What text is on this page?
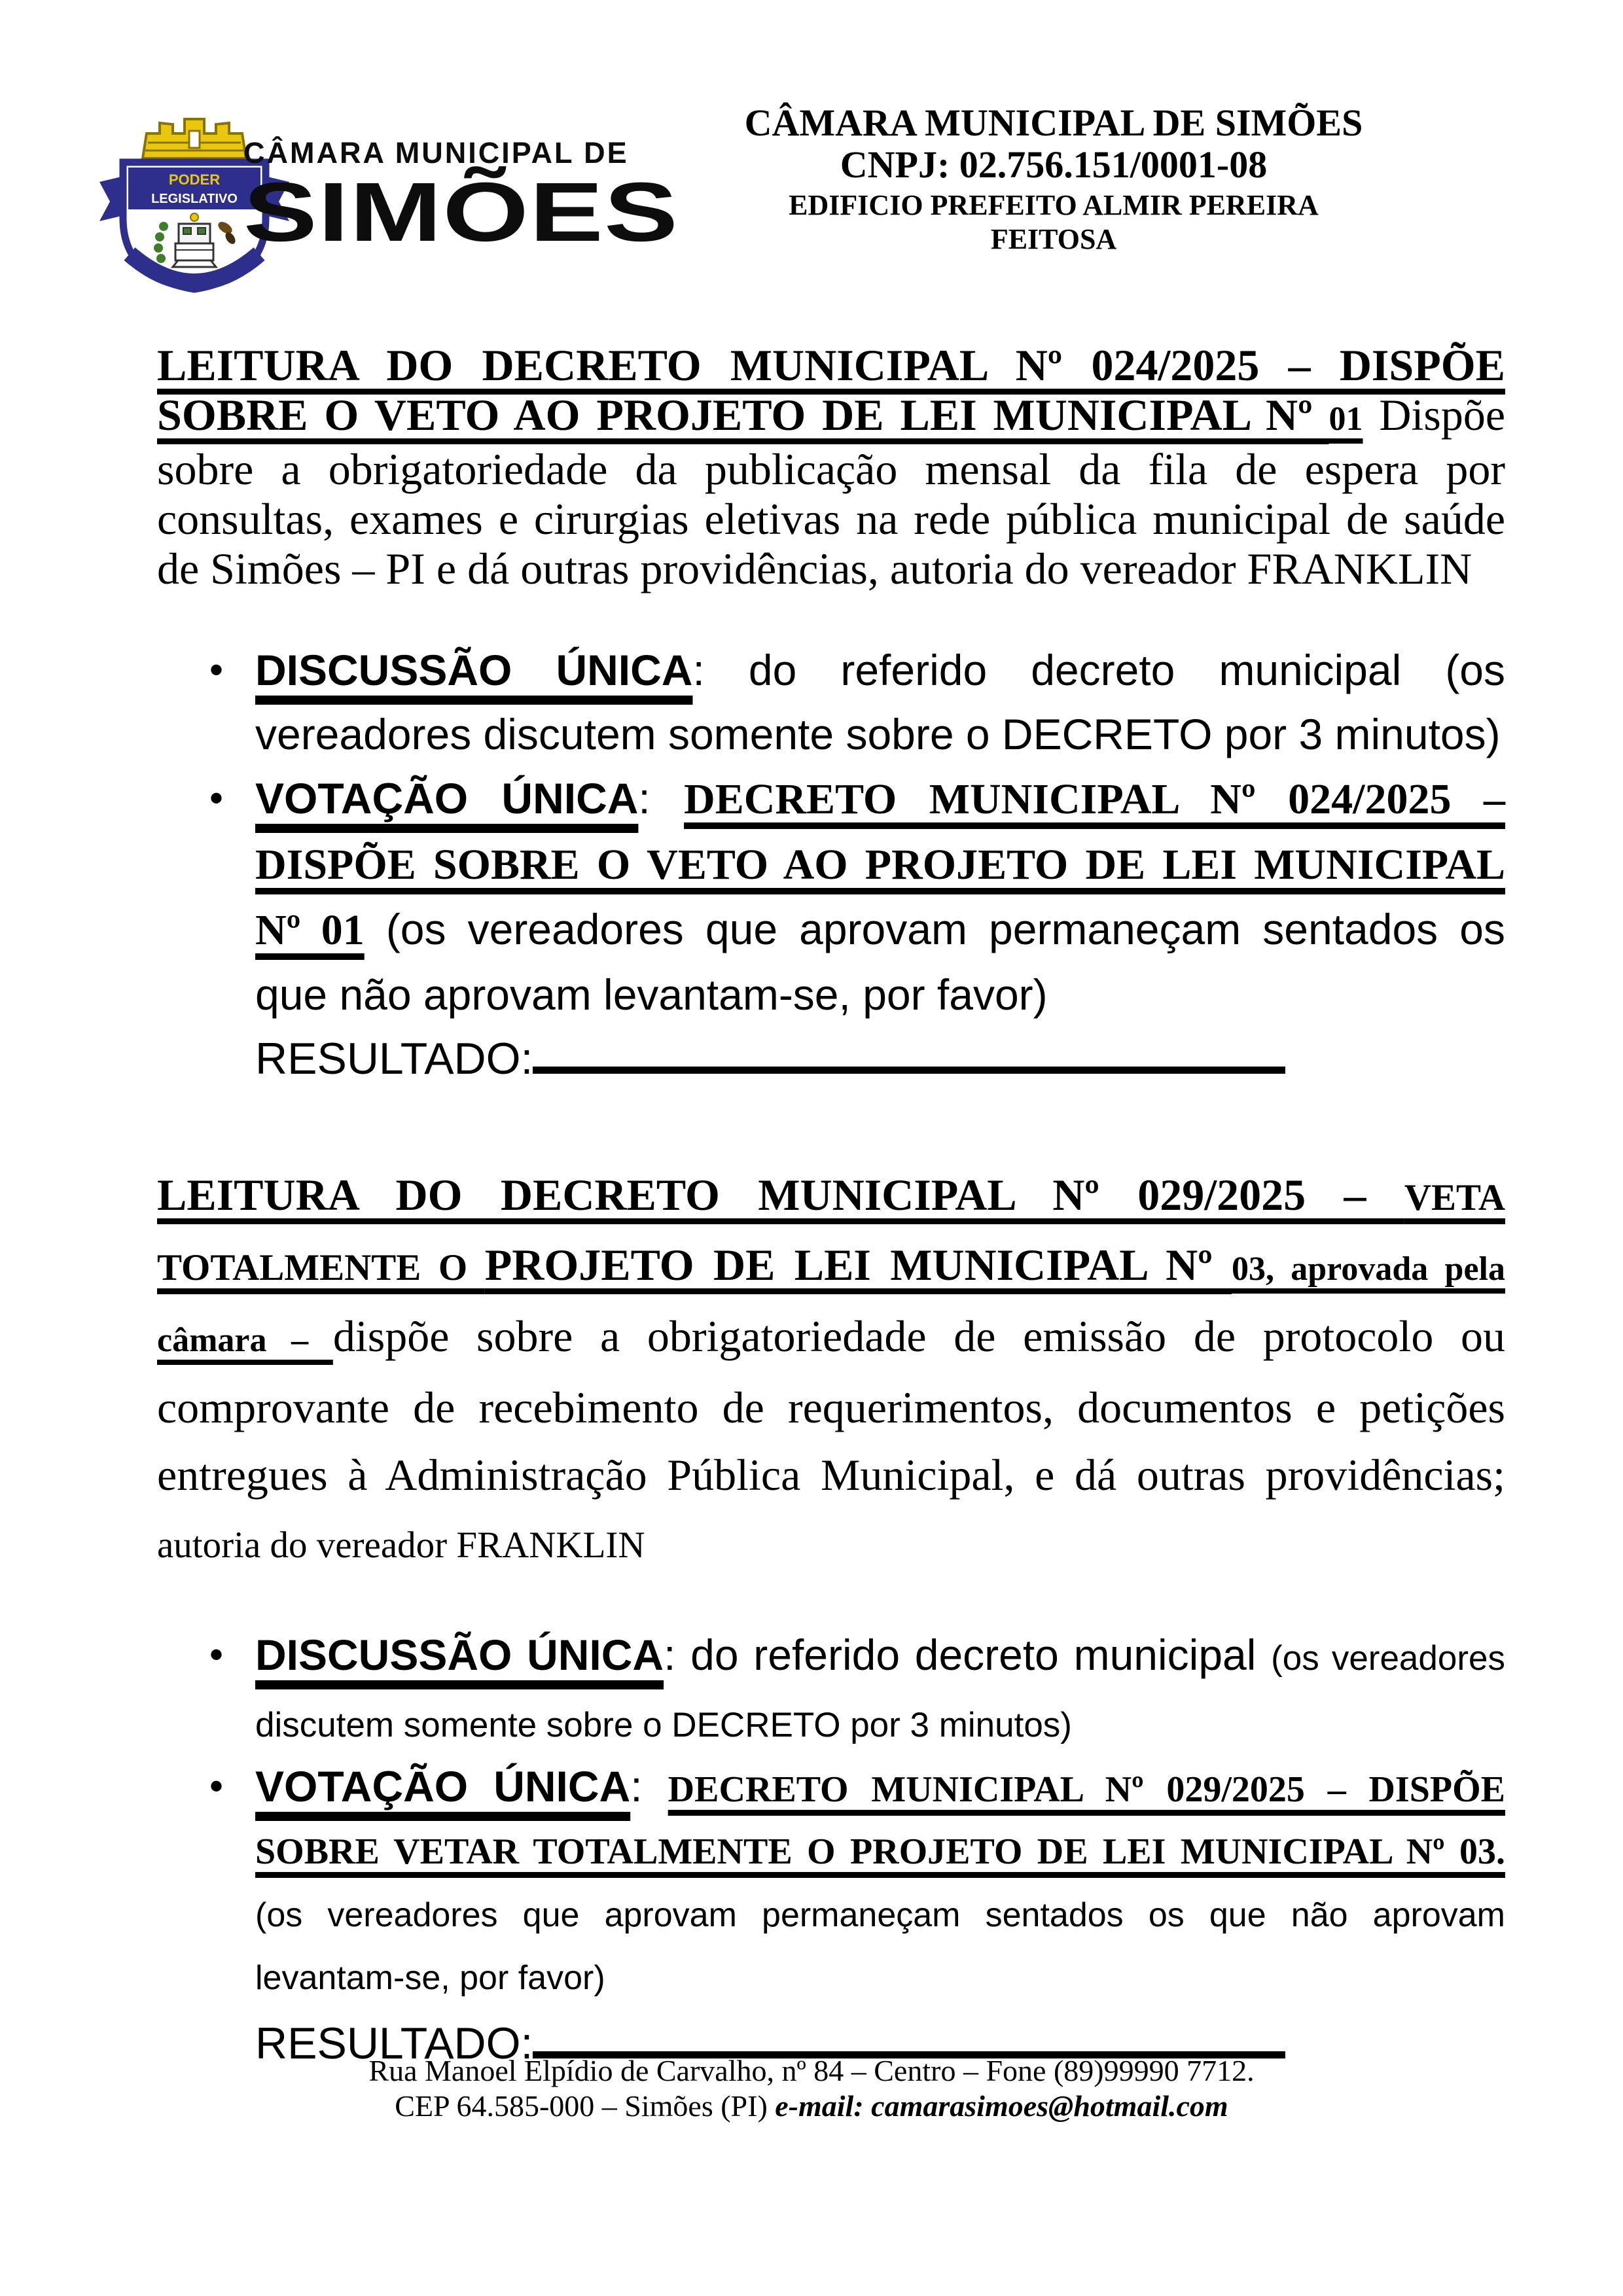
PODER
LEGISLATIVO
CÂMARA MUNICIPAL DE
SIMÕES
CÂMARA MUNICIPAL DE SIMÕES
CNPJ: 02.756.151/0001-08
EDIFICIO PREFEITO ALMIR PEREIRA FEITOSA

LEITURA DO DECRETO MUNICIPAL Nº 024/2025 – DISPÕE SOBRE O VETO AO PROJETO DE LEI MUNICIPAL Nº 01 Dispõe sobre a obrigatoriedade da publicação mensal da fila de espera por consultas, exames e cirurgias eletivas na rede pública municipal de saúde de Simões – PI e dá outras providências, autoria do vereador FRANKLIN

• DISCUSSÃO ÚNICA: do referido decreto municipal (os vereadores discutem somente sobre o DECRETO por 3 minutos)
• VOTAÇÃO ÚNICA: DECRETO MUNICIPAL Nº 024/2025 – DISPÕE SOBRE O VETO AO PROJETO DE LEI MUNICIPAL Nº 01 (os vereadores que aprovam permaneçam sentados os que não aprovam levantam-se, por favor)
RESULTADO:

LEITURA DO DECRETO MUNICIPAL Nº 029/2025 – VETA TOTALMENTE O PROJETO DE LEI MUNICIPAL Nº 03, aprovada pela câmara – dispõe sobre a obrigatoriedade de emissão de protocolo ou comprovante de recebimento de requerimentos, documentos e petições entregues à Administração Pública Municipal, e dá outras providências; autoria do vereador FRANKLIN

• DISCUSSÃO ÚNICA: do referido decreto municipal (os vereadores discutem somente sobre o DECRETO por 3 minutos)
• VOTAÇÃO ÚNICA: DECRETO MUNICIPAL Nº 029/2025 – DISPÕE SOBRE VETAR TOTALMENTE O PROJETO DE LEI MUNICIPAL Nº 03. (os vereadores que aprovam permaneçam sentados os que não aprovam levantam-se, por favor)
RESULTADO:
Rua Manoel Elpídio de Carvalho, nº 84 – Centro – Fone (89)99990 7712.
CEP 64.585-000 – Simões (PI) e-mail: camarasimoes@hotmail.com
